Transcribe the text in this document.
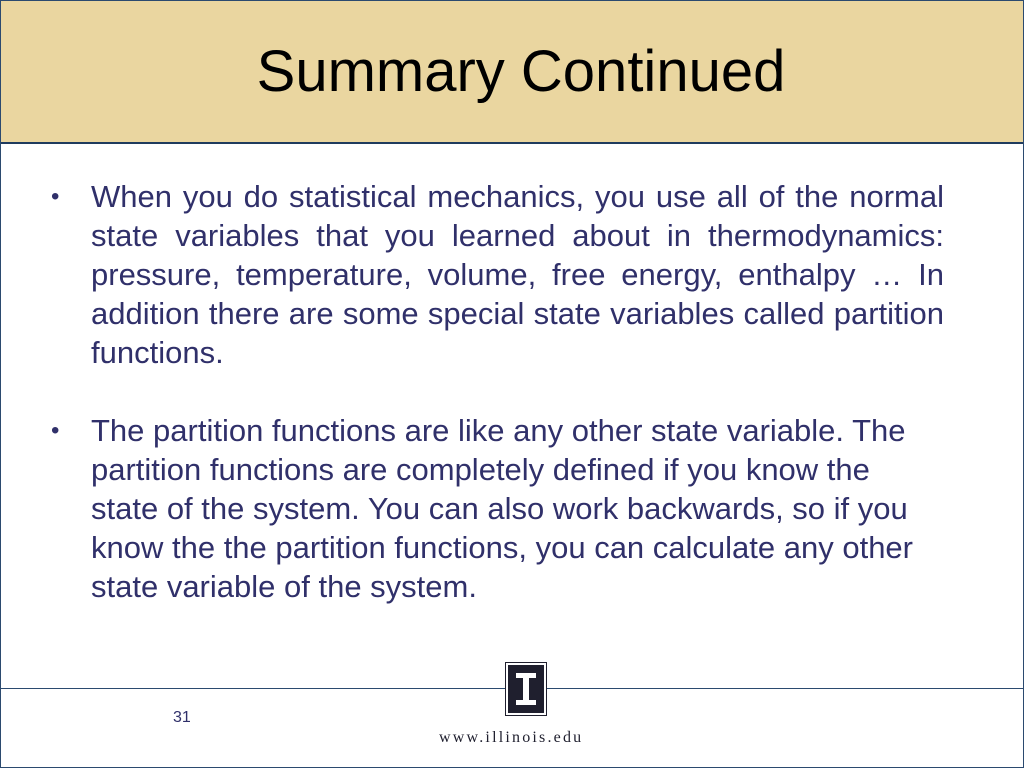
Summary Continued
•	When you do statistical mechanics, you use all of the normal state variables that you learned about in thermodynamics: pressure, temperature, volume, free energy, enthalpy … In addition there are some special state variables called partition functions.
•	The partition functions are like any other state variable. The partition functions are completely defined if you know the state of the system. You can also work backwards, so if you know the the partition functions, you can calculate any other state variable of the system.
31
www.illinois.edu
